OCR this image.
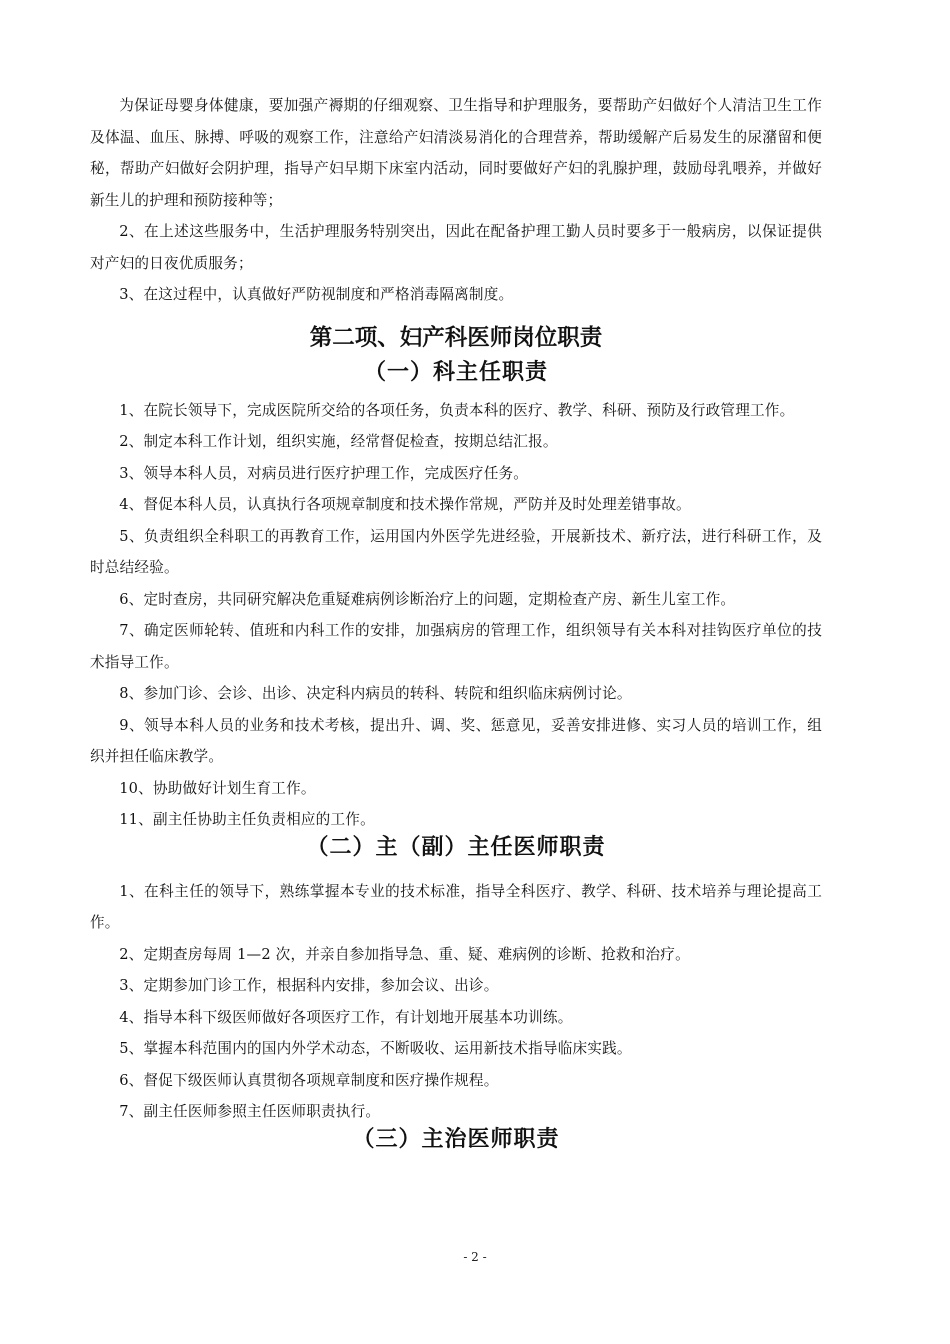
为保证母婴身体健康，要加强产褥期的仔细观察、卫生指导和护理服务，要帮助产妇做好个人清洁卫生工作及体温、血压、脉搏、呼吸的观察工作，注意给产妇清淡易消化的合理营养，帮助缓解产后易发生的尿潴留和便秘，帮助产妇做好会阴护理，指导产妇早期下床室内活动，同时要做好产妇的乳腺护理，鼓励母乳喂养，并做好新生儿的护理和预防接种等；

2、在上述这些服务中，生活护理服务特别突出，因此在配备护理工勤人员时要多于一般病房，以保证提供对产妇的日夜优质服务；

3、在这过程中，认真做好严防视制度和严格消毒隔离制度。

第二项、妇产科医师岗位职责
（一）科主任职责

1、在院长领导下，完成医院所交给的各项任务，负责本科的医疗、教学、科研、预防及行政管理工作。

2、制定本科工作计划，组织实施，经常督促检查，按期总结汇报。

3、领导本科人员，对病员进行医疗护理工作，完成医疗任务。

4、督促本科人员，认真执行各项规章制度和技术操作常规，严防并及时处理差错事故。

5、负责组织全科职工的再教育工作，运用国内外医学先进经验，开展新技术、新疗法，进行科研工作，及时总结经验。

6、定时查房，共同研究解决危重疑难病例诊断治疗上的问题，定期检查产房、新生儿室工作。

7、确定医师轮转、值班和内科工作的安排，加强病房的管理工作，组织领导有关本科对挂钩医疗单位的技术指导工作。

8、参加门诊、会诊、出诊、决定科内病员的转科、转院和组织临床病例讨论。

9、领导本科人员的业务和技术考核，提出升、调、奖、惩意见，妥善安排进修、实习人员的培训工作，组织并担任临床教学。

10、协助做好计划生育工作。

11、副主任协助主任负责相应的工作。

（二）主（副）主任医师职责

1、在科主任的领导下，熟练掌握本专业的技术标准，指导全科医疗、教学、科研、技术培养与理论提高工作。

2、定期查房每周 1—2 次，并亲自参加指导急、重、疑、难病例的诊断、抢救和治疗。

3、定期参加门诊工作，根据科内安排，参加会议、出诊。

4、指导本科下级医师做好各项医疗工作，有计划地开展基本功训练。

5、掌握本科范围内的国内外学术动态，不断吸收、运用新技术指导临床实践。

6、督促下级医师认真贯彻各项规章制度和医疗操作规程。

7、副主任医师参照主任医师职责执行。

（三）主治医师职责
- 2 -
